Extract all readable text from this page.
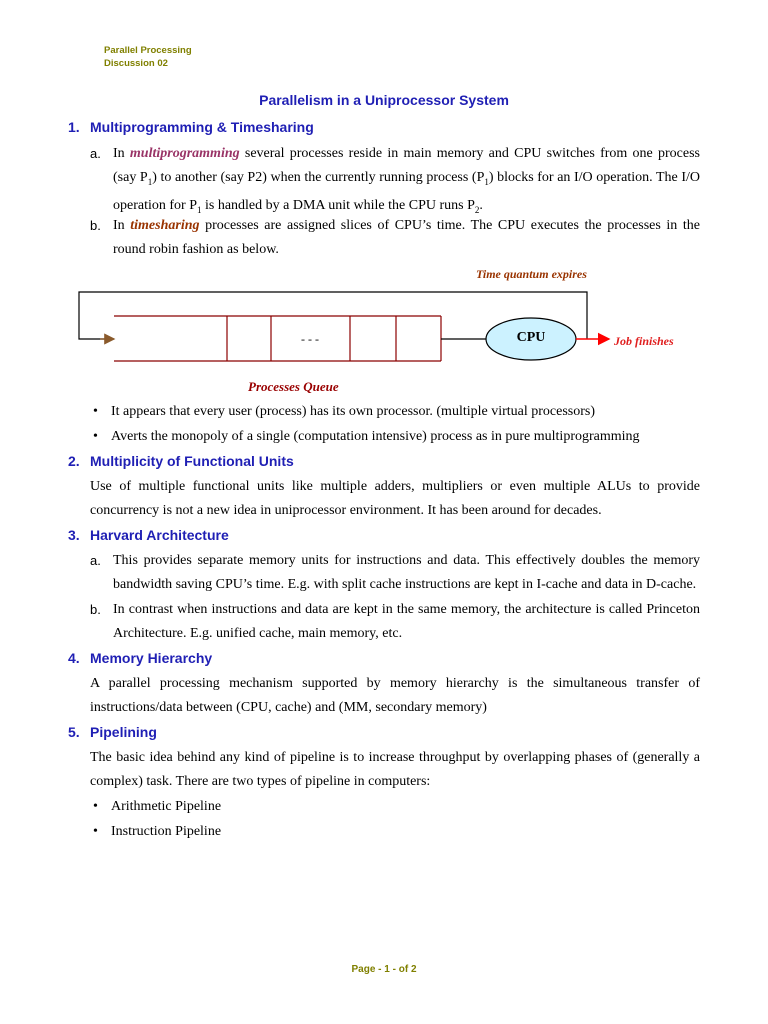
Parallel Processing
Discussion 02
Parallelism in a Uniprocessor System
1. Multiprogramming & Timesharing
a. In multiprogramming several processes reside in main memory and CPU switches from one process (say $P_1$) to another (say P2) when the currently running process $(P_1)$ blocks for an I/O operation. The I/O operation for $P_1$ is handled by a DMA unit while the CPU runs $P_2$.
b. In timesharing processes are assigned slices of CPU’s time. The CPU executes the processes in the round robin fashion as below.
- - -	CPU
Time quantum expires
Job finishes
Processes Queue
• It appears that every user (process) has its own processor. (multiple virtual processors)
• Averts the monopoly of a single (computation intensive) process as in pure multiprogramming
2. Multiplicity of Functional Units
Use of multiple functional units like multiple adders, multipliers or even multiple ALUs to provide concurrency is not a new idea in uniprocessor environment. It has been around for decades.
3. Harvard Architecture
a. This provides separate memory units for instructions and data. This effectively doubles the memory bandwidth saving CPU’s time. E.g. with split cache instructions are kept in I-cache and data in D-cache.
b. In contrast when instructions and data are kept in the same memory, the architecture is called Princeton Architecture. E.g. unified cache, main memory, etc.
4. Memory Hierarchy
A parallel processing mechanism supported by memory hierarchy is the simultaneous transfer of instructions/data between (CPU, cache) and (MM, secondary memory)
5. Pipelining
The basic idea behind any kind of pipeline is to increase throughput by overlapping phases of (generally a complex) task. There are two types of pipeline in computers:
• Arithmetic Pipeline
• Instruction Pipeline
Page - 1 - of 2
